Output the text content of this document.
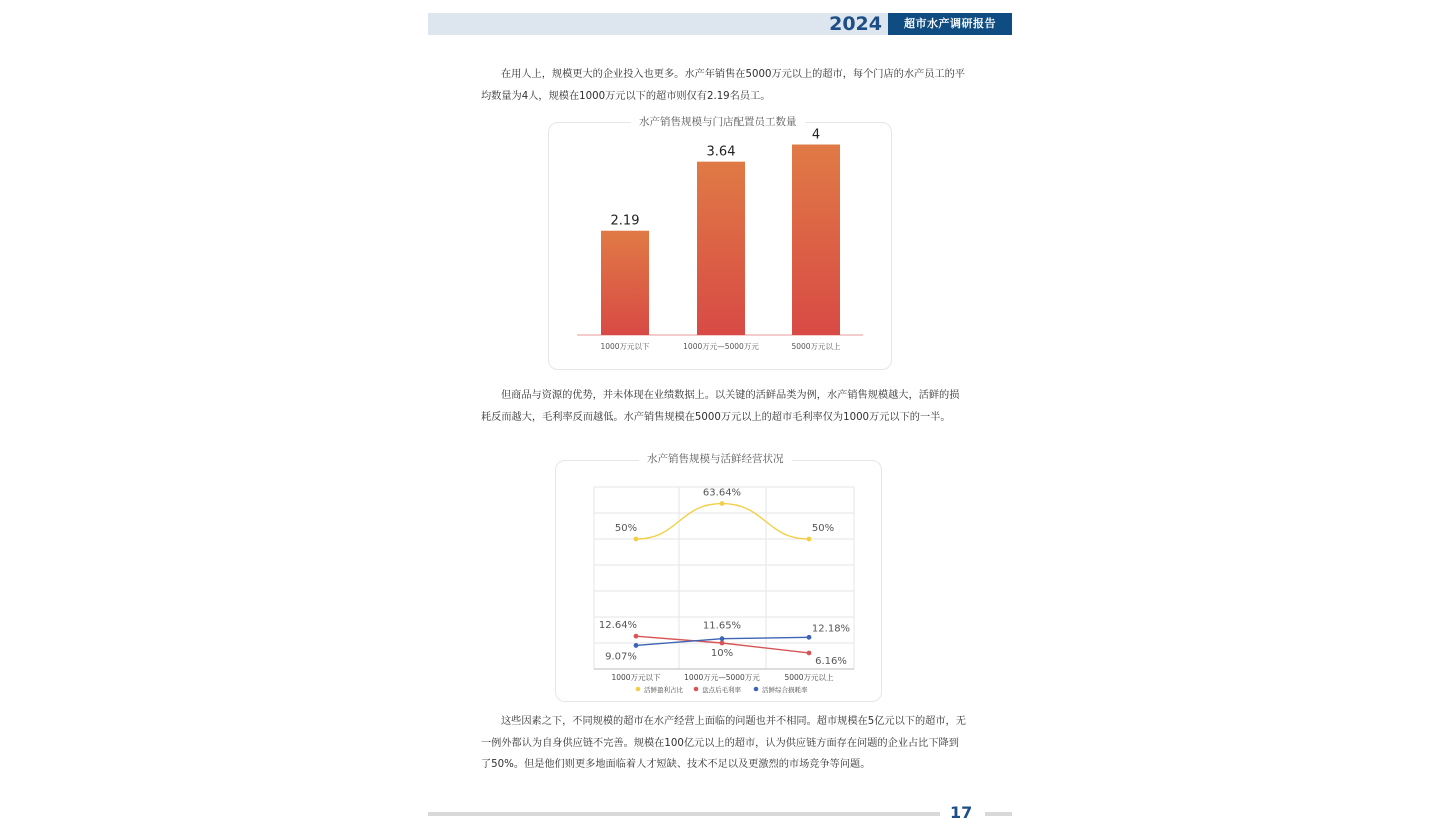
2024	超市水产调研报告

在用人上，规模更大的企业投入也更多。水产年销售在5000万元以上的超市，每个门店的水产员工的平均数量为4人，规模在1000万元以下的超市则仅有2.19名员工。

2.19
1000万元以下
3.64
1000万元—5000万元
4
5000万元以上
水产销售规模与门店配置员工数量

但商品与资源的优势，并未体现在业绩数据上。以关键的活鲜品类为例，水产销售规模越大，活鲜的损耗反而越大，毛利率反而越低。水产销售规模在5000万元以上的超市毛利率仅为1000万元以下的一半。

50%
63.64%
50%
12.64%
10%
6.16%
9.07%
11.65%	12.18%
1000万元以下	1000万元—5000万元	5000万元以上
活鲜盈利占比	盘点后毛利率	活鲜综合损耗率
水产销售规模与活鲜经营状况

这些因素之下，不同规模的超市在水产经营上面临的问题也并不相同。超市规模在5亿元以下的超市，无一例外都认为自身供应链不完善。规模在100亿元以上的超市，认为供应链方面存在问题的企业占比下降到了50%。但是他们则更多地面临着人才短缺、技术不足以及更激烈的市场竞争等问题。

17
